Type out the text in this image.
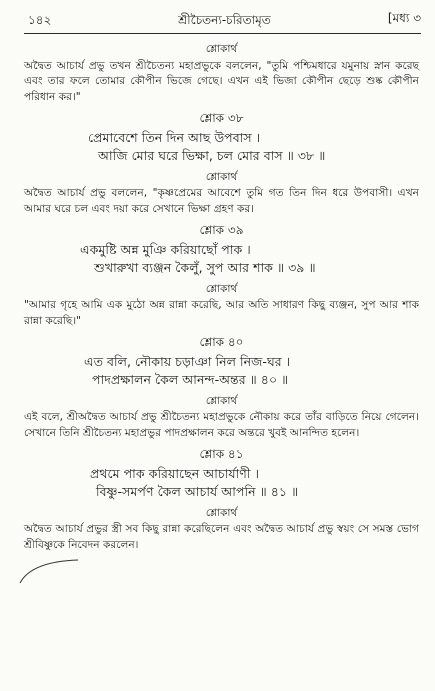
১৪২	শ্রীচৈতন্য-চরিতামৃত	[মধ্য ৩
শ্লোকার্থ

অদ্বৈত আচার্য প্রভু তখন শ্রীচৈতন্য মহাপ্রভুকে বললেন, "তুমি পশ্চিমধারে যমুনায় স্নান করেছ এবং তার ফলে তোমার কৌপীন ভিজে গেছে। এখন এই ভিজা কৌপীন ছেড়ে শুষ্ক কৌপীন পরিধান কর।"

শ্লোক ৩৮

প্রেমাবেশে তিন দিন আছ উপবাস ।

আজি মোর ঘরে ভিক্ষা, চল মোর বাস ॥ ৩৮ ॥

শ্লোকার্থ

অদ্বৈত আচার্য প্রভু বললেন, "কৃষ্ণপ্রেমের আবেশে তুমি গত তিন দিন ধরে উপবাসী। এখন আমার ঘরে চল এবং দয়া করে সেখানে ভিক্ষা গ্রহণ কর।

শ্লোক ৩৯

একমুষ্টি অন্ন মুঞি করিয়াছোঁ পাক ।

শুখারুখা ব্যঞ্জন কৈলুঁ, সুপ আর শাক ॥ ৩৯ ॥

শ্লোকার্থ

"আমার গৃহে আমি এক মুঠো অন্ন রান্না করেছি, আর অতি সাধারণ কিছু ব্যঞ্জন, সুপ আর শাক রান্না করেছি।"

শ্লোক ৪০

এত বলি, নৌকায় চড়াঞা নিল নিজ-ঘর ।

পাদপ্রক্ষালন কৈল আনন্দ-অন্তর ॥ ৪০ ॥

শ্লোকার্থ

এই বলে, শ্রীঅদ্বৈত আচার্য প্রভু শ্রীচৈতন্য মহাপ্রভুকে নৌকায় করে তাঁর বাড়িতে নিয়ে গেলেন। সেখানে তিনি শ্রীচৈতন্য মহাপ্রভুর পাদপ্রক্ষালন করে অন্তরে খুবই আনন্দিত হলেন।

শ্লোক ৪১

প্রথমে পাক করিয়াছেন আচার্যাণী ।

বিষ্ণু-সমর্পণ কৈল আচার্য আপনি ॥ ৪১ ॥

শ্লোকার্থ

অদ্বৈত আচার্য প্রভুর স্ত্রী সব কিছু রান্না করেছিলেন এবং অদ্বৈত আচার্য প্রভু স্বয়ং সে সমস্ত ভোগ শ্রীবিষ্ণুকে নিবেদন করলেন।
